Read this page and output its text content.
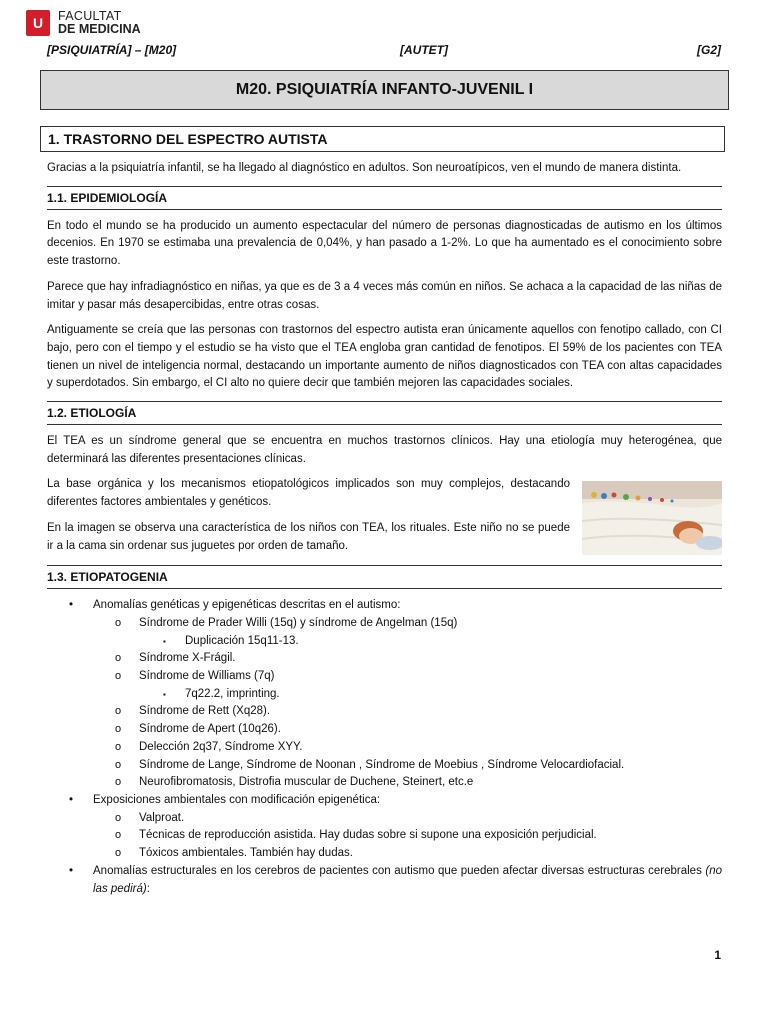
U	FACULTAT
DE MEDICINA
[PSIQUIATRÍA] – [M20]	[AUTET]	[G2]
M20. PSIQUIATRÍA INFANTO-JUVENIL I
1. TRASTORNO DEL ESPECTRO AUTISTA

Gracias a la psiquiatría infantil, se ha llegado al diagnóstico en adultos. Son neuroatípicos, ven el mundo de manera distinta.

1.1. EPIDEMIOLOGÍA

En todo el mundo se ha producido un aumento espectacular del número de personas diagnosticadas de autismo en los últimos decenios. En 1970 se estimaba una prevalencia de 0,04%, y han pasado a 1-2%. Lo que ha aumentado es el conocimiento sobre este trastorno.

Parece que hay infradiagnóstico en niñas, ya que es de 3 a 4 veces más común en niños. Se achaca a la capacidad de las niñas de imitar y pasar más desapercibidas, entre otras cosas.

Antiguamente se creía que las personas con trastornos del espectro autista eran únicamente aquellos con fenotipo callado, con CI bajo, pero con el tiempo y el estudio se ha visto que el TEA engloba gran cantidad de fenotipos. El 59% de los pacientes con TEA tienen un nivel de inteligencia normal, destacando un importante aumento de niños diagnosticados con TEA con altas capacidades y superdotados. Sin embargo, el CI alto no quiere decir que también mejoren las capacidades sociales.

1.2. ETIOLOGÍA

El TEA es un síndrome general que se encuentra en muchos trastornos clínicos. Hay una etiología muy heterogénea, que determinará las diferentes presentaciones clínicas.

La base orgánica y los mecanismos etiopatológicos implicados son muy complejos, destacando diferentes factores ambientales y genéticos.

En la imagen se observa una característica de los niños con TEA, los rituales. Este niño no se puede ir a la cama sin ordenar sus juguetes por orden de tamaño.

1.3. ETIOPATOGENIA
• Anomalías genéticas y epigenéticas descritas en el autismo:
o Síndrome de Prader Willi (15q) y síndrome de Angelman (15q)
▪ Duplicación 15q11-13.
o Síndrome X-Frágil.
o Síndrome de Williams (7q)
▪ 7q22.2, imprinting.
o Síndrome de Rett (Xq28).
o Síndrome de Apert (10q26).
o Delección 2q37, Síndrome XYY.
o Síndrome de Lange, Síndrome de Noonan , Síndrome de Moebius , Síndrome Velocardiofacial.
o Neurofibromatosis, Distrofia muscular de Duchene, Steinert, etc.e
• Exposiciones ambientales con modificación epigenética:
o Valproat.
o Técnicas de reproducción asistida. Hay dudas sobre si supone una exposición perjudicial.
o Tóxicos ambientales. También hay dudas.
• Anomalías estructurales en los cerebros de pacientes con autismo que pueden afectar diversas estructuras cerebrales (no las pedirá):
1
